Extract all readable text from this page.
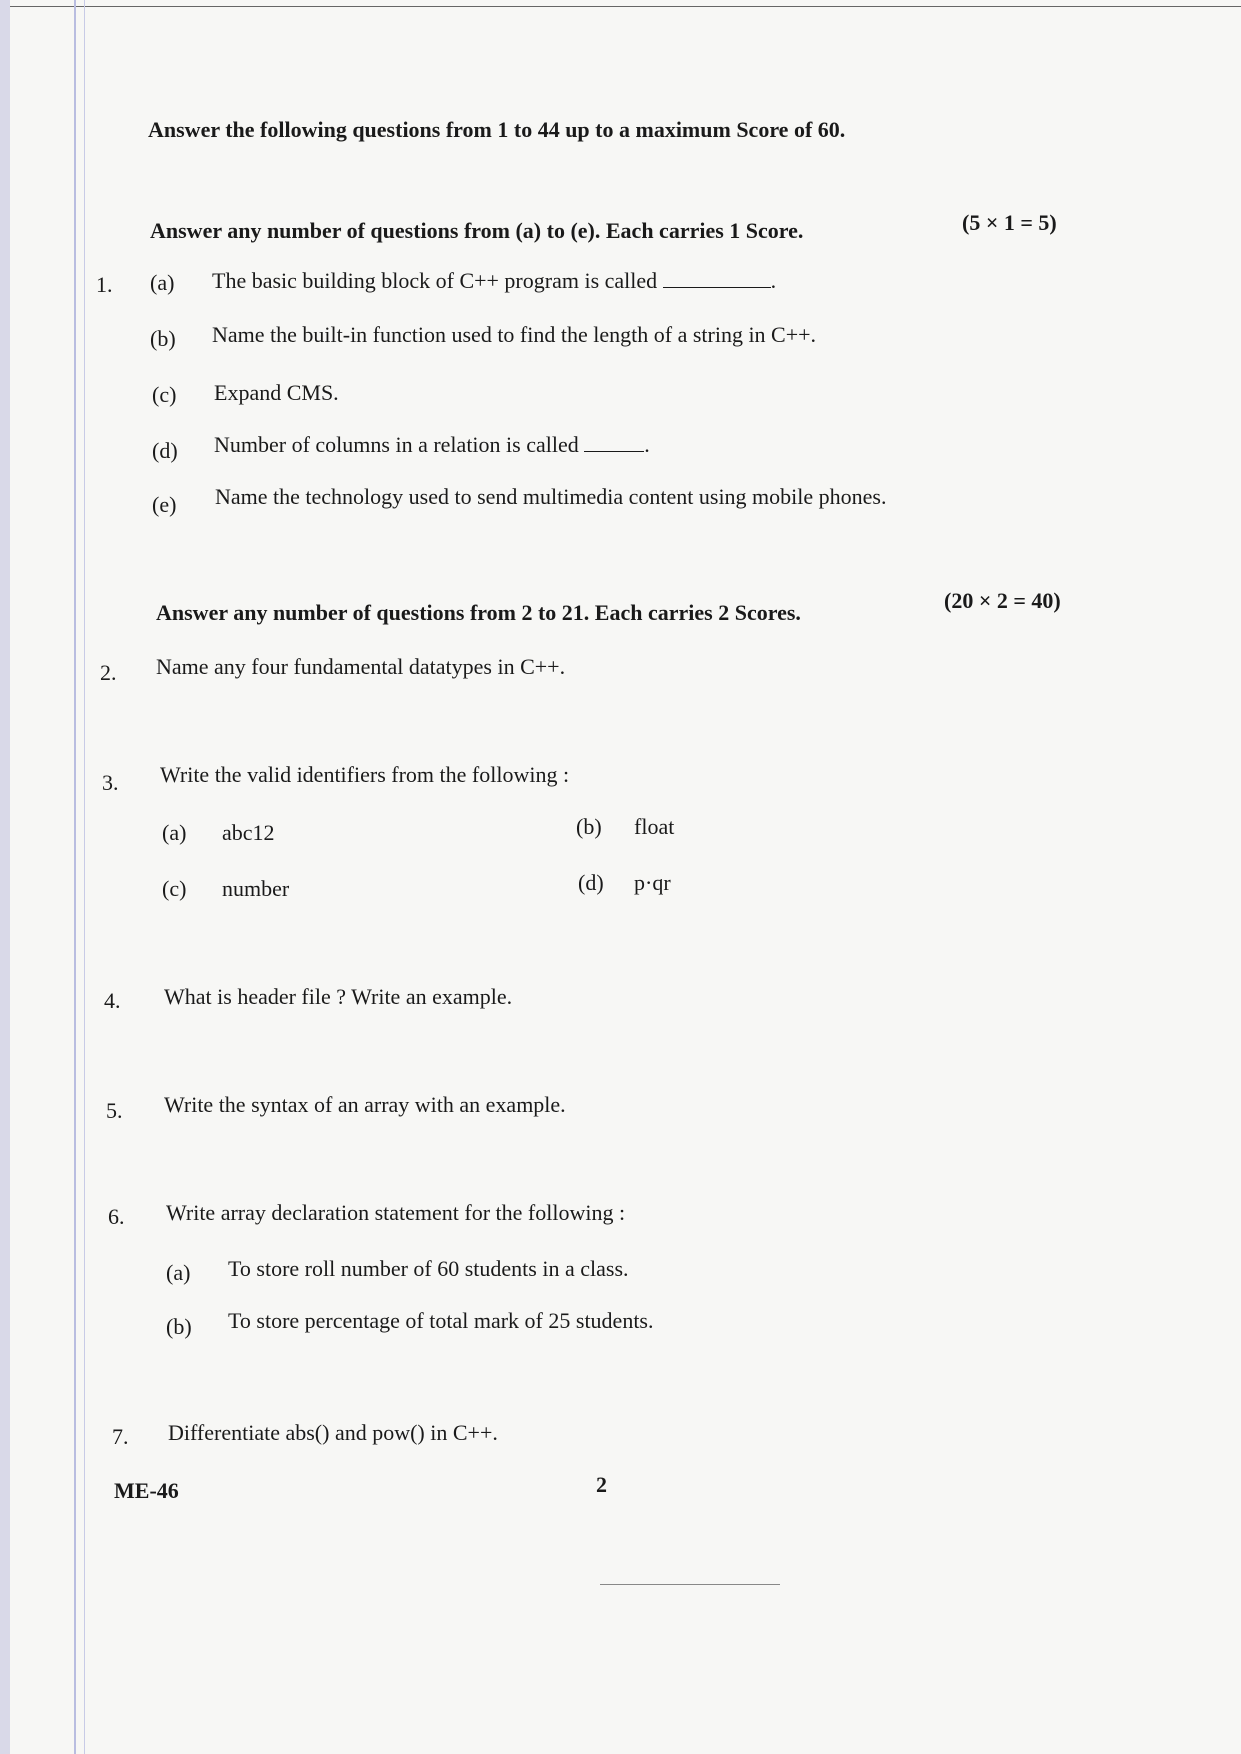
Answer the following questions from 1 to 44 up to a maximum Score of 60.
Answer any number of questions from (a) to (e). Each carries 1 Score.	(5 × 1 = 5)
1. (a) The basic building block of C++ program is called	.
(b) Name the built-in function used to find the length of a string in C++.
(c) Expand CMS.
(d) Number of columns in a relation is called	.
(e) Name the technology used to send multimedia content using mobile phones.
Answer any number of questions from 2 to 21. Each carries 2 Scores.	(20 × 2 = 40)
2. Name any four fundamental datatypes in C++.
3. Write the valid identifiers from the following :
(a) abc12	(b) float
(c) number	(d) p·qr
4. What is header file ? Write an example.
5. Write the syntax of an array with an example.
6. Write array declaration statement for the following :
(a) To store roll number of 60 students in a class.
(b) To store percentage of total mark of 25 students.
7. Differentiate abs() and pow() in C++.
ME-46	2
